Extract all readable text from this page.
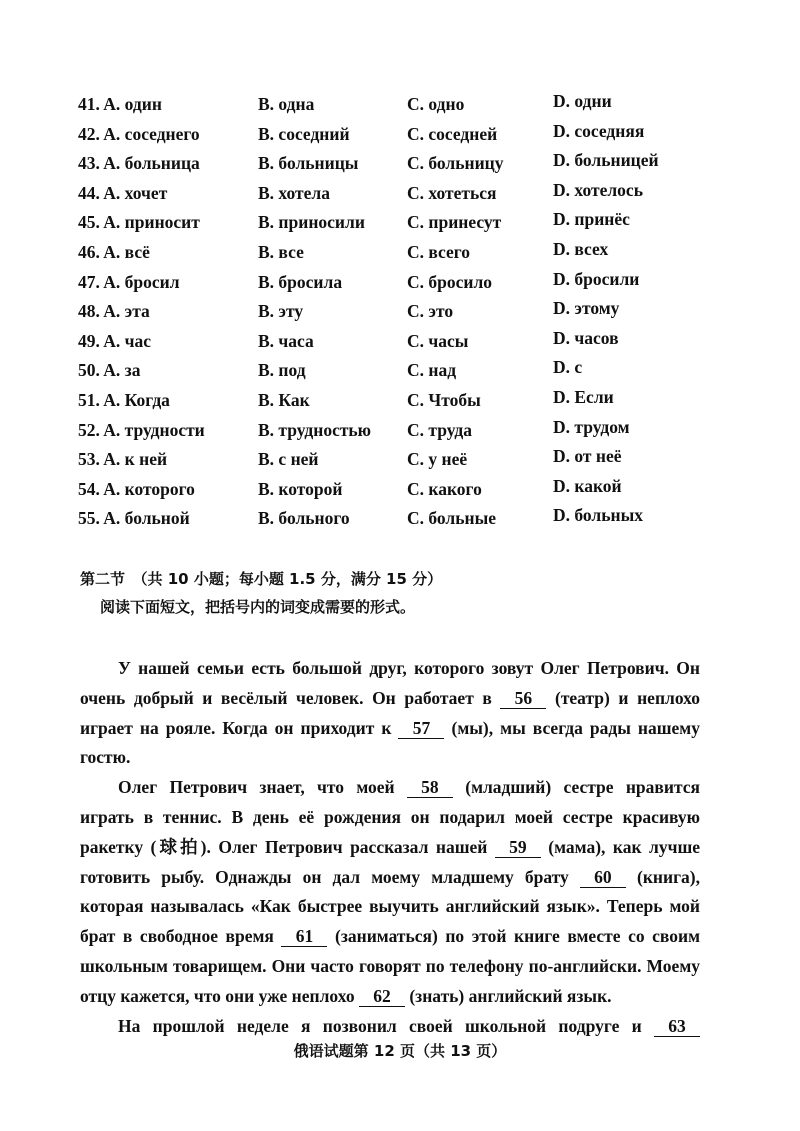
41. A. один	B. одна	C. одно	D. одни
42. A. соседнего	B. соседний	C. соседней	D. соседняя
43. A. больница	B. больницы	C. больницу	D. больницей
44. A. хочет	B. хотела	C. хотеться	D. хотелось
45. A. приносит	B. приносили C. принесут	D. принёс
46. A. всё	B. все	C. всего	D. всех
47. A. бросил	B. бросила	C. бросило	D. бросили
48. A. эта	B. эту	C. это	D. этому
49. A. час	B. часа	C. часы	D. часов
50. A. за	B. под	C. над	D. с
51. A. Когда	B. Как	C. Чтобы	D. Если
52. A. трудности	B. трудностью C. труда	D. трудом
53. A. к ней	B. с ней	C. у неё	D. от неё
54. A. которого	B. которой	C. какого	D. какой
55. A. больной	B. больного	C. больные	D. больных
第二节　（共 10 小题；每小题 1.5 分，满分 15 分）
阅读下面短文，把括号内的词变成需要的形式。
У нашей семьи есть большой друг, которого зовут Олег Петрович. Он
очень добрый и весёлый человек. Он работает в 56 (театр) и неплохо
играет на рояле. Когда он приходит к 57 (мы), мы всегда рады нашему
гостю.
Олег Петрович знает, что моей 58 (младший) сестре нравится
играть в теннис. В день её рождения он подарил моей сестре красивую
ракетку (球拍). Олег Петрович рассказал нашей 59 (мама), как лучше
готовить рыбу. Однажды он дал моему младшему брату 60 (книга),
которая называлась «Как быстрее выучить английский язык». Теперь мой
брат в свободное время 61 (заниматься) по этой книге вместе со своим
школьным товарищем. Они часто говорят по телефону по-английски. Моему
отцу кажется, что они уже неплохо 62 (знать) английский язык.
На прошлой неделе я позвонил своей школьной подруге и 63
俄语试题第 12 页（共 13 页）
